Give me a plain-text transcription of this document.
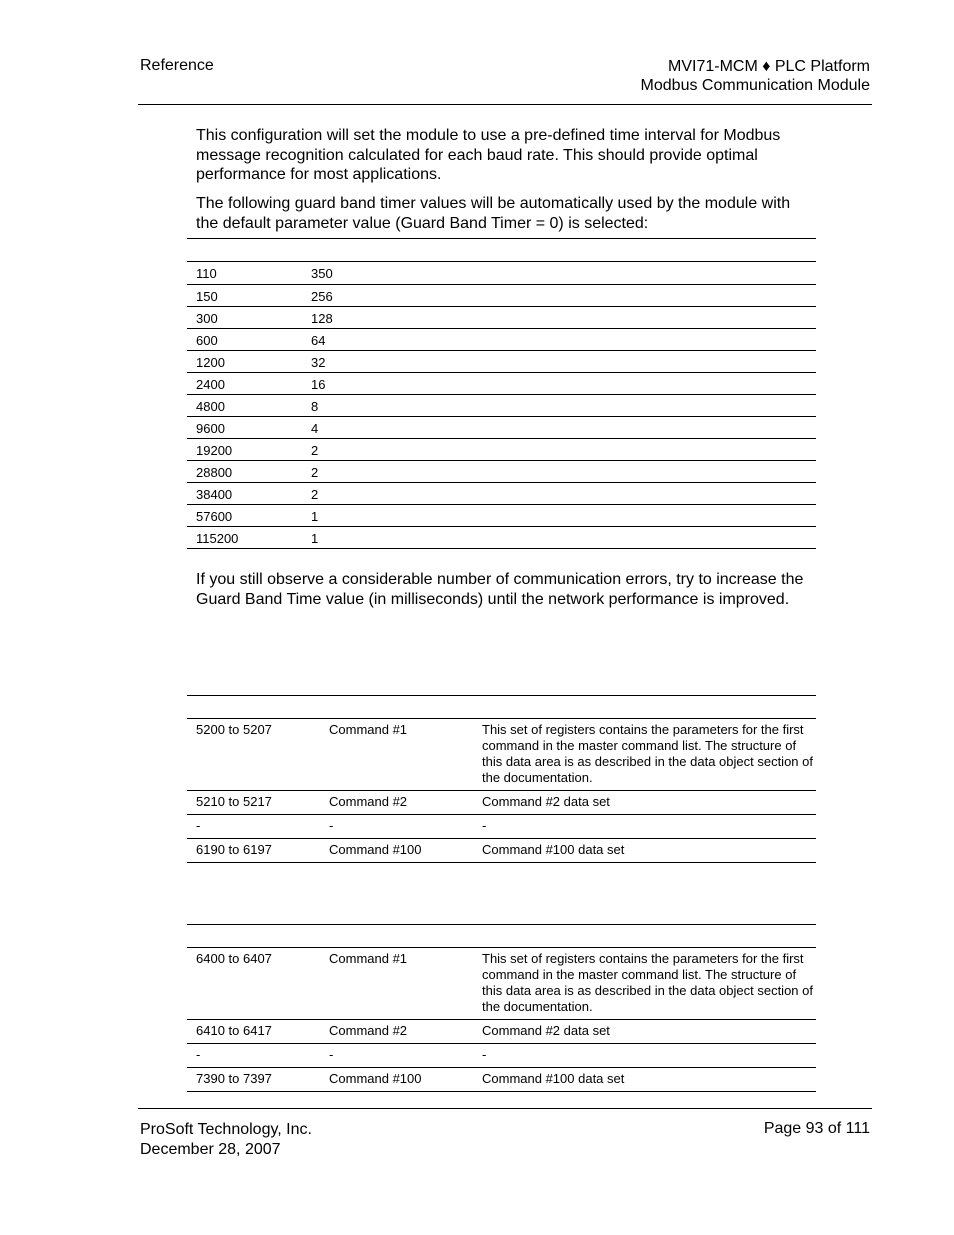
Reference	MVI71-MCM ♦ PLC Platform
Modbus Communication Module

This configuration will set the module to use a pre-defined time interval for Modbus message recognition calculated for each baud rate. This should provide optimal performance for most applications.

The following guard band timer values will be automatically used by the module with the default parameter value (Guard Band Timer = 0) is selected:

110	350
150	256
300	128
600	64
1200	32
2400	16
4800	8
9600	4
19200	2
28800	2
38400	2
57600	1
115200	1

If you still observe a considerable number of communication errors, try to increase the Guard Band Time value (in milliseconds) until the network performance is improved.

5200 to 5207	Command #1	This set of registers contains the parameters for the first command in the master command list. The structure of this data area is as described in the data object section of the documentation.
5210 to 5217	Command #2	Command #2 data set
-	-	-
6190 to 6197	Command #100	Command #100 data set
6400 to 6407	Command #1	This set of registers contains the parameters for the first command in the master command list. The structure of this data area is as described in the data object section of the documentation.
6410 to 6417	Command #2	Command #2 data set
-	-	-
7390 to 7397	Command #100	Command #100 data set
ProSoft Technology, Inc.
December 28, 2007
Page 93 of 111
